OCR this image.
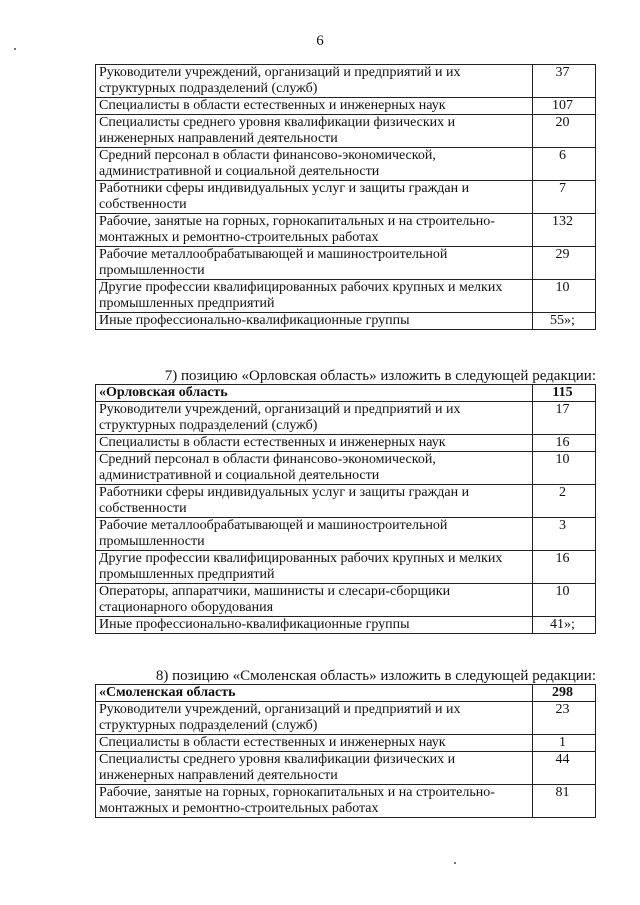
6
Руководители учреждений, организаций и предприятий и их структурных подразделений (служб)	37
Специалисты в области естественных и инженерных наук	107
Специалисты среднего уровня квалификации физических и инженерных направлений деятельности	20
Средний персонал в области финансово-экономической, административной и социальной деятельности	6
Работники сферы индивидуальных услуг и защиты граждан и собственности	7
Рабочие, занятые на горных, горнокапитальных и на строительно-монтажных и ремонтно-строительных работах	132
Рабочие металлообрабатывающей и машиностроительной промышленности	29
Другие профессии квалифицированных рабочих крупных и мелких промышленных предприятий	10
Иные профессионально-квалификационные группы	55»;
7) позицию «Орловская область» изложить в следующей редакции:
«Орловская область	115
Руководители учреждений, организаций и предприятий и их структурных подразделений (служб)	17
Специалисты в области естественных и инженерных наук	16
Средний персонал в области финансово-экономической, административной и социальной деятельности	10
Работники сферы индивидуальных услуг и защиты граждан и собственности	2
Рабочие металлообрабатывающей и машиностроительной промышленности	3
Другие профессии квалифицированных рабочих крупных и мелких промышленных предприятий	16
Операторы, аппаратчики, машинисты и слесари-сборщики стационарного оборудования	10
Иные профессионально-квалификационные группы	41»;
8) позицию «Смоленская область» изложить в следующей редакции:
«Смоленская область	298
Руководители учреждений, организаций и предприятий и их структурных подразделений (служб)	23
Специалисты в области естественных и инженерных наук	1
Специалисты среднего уровня квалификации физических и инженерных направлений деятельности	44
Рабочие, занятые на горных, горнокапитальных и на строительно-монтажных и ремонтно-строительных работах	81
